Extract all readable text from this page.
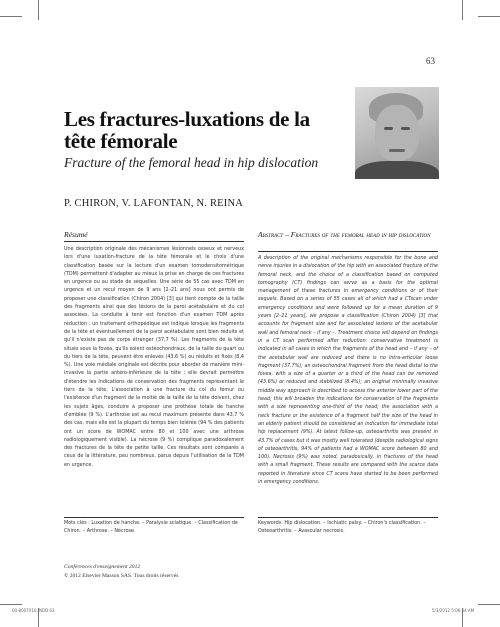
63
Les fractures-luxations de la tête fémorale
Fracture of the femoral head in hip dislocation
P. CHIRON, V. LAFONTAN, N. REINA
Résumé

Une description originale des mécanismes lésionnels osseux et nerveux lors d'une luxation-fracture de la tête fémorale et le choix d'une classification basée sur la lecture d'un examen tomodensitométrique (TDM) permettent d'adapter au mieux la prise en charge de ces fractures en urgence ou au stade de séquelles. Une série de 55 cas avec TDM en urgence et un recul moyen de 9 ans [2–21 ans] nous ont permis de proposer une classification (Chiron 2004) [3] qui tient compte de la taille des fragments ainsi que des lésions de la paroi acétabulaire et du col associées. La conduite à tenir est fonction d'un examen TDM après réduction : un traitement orthopédique est indiqué lorsque les fragments de la tête et éventuellement de la paroi acétabulaire sont bien réduits et qu'il n'existe pas de corps étranger (37,7 %). Les fragments de la tête situés sous la fovéa, qu'ils soient ostéochondraux, de la taille du quart ou du tiers de la tête, peuvent être enlevés (43,6 %) ou réduits et fixés (8,4 %). Une voie médiale originale est décrite pour aborder de manière mini-invasive la partie antéro-inférieure de la tête ; elle devrait permettre d'étendre les indications de conservation des fragments représentant le tiers de la tête. L'association à une fracture du col du fémur ou l'existence d'un fragment de la moitié de la taille de la tête doivent, chez les sujets âgés, conduire à proposer une prothèse totale de hanche d'emblée (9 %). L'arthrose est au recul maximum présente dans 43,7 % des cas, mais elle est la plupart du temps bien tolérée (94 % des patients ont un score de WOMAC entre 80 et 100 avec une arthrose radiologiquement visible). La nécrose (9 %) complique paradoxalement des fractures de la tête de petite taille. Ces résultats sont comparés à ceux de la littérature, peu nombreux, parus depuis l'utilisation de la TDM en urgence.

Mots clés : Luxation de hanche. – Paralysie sciatique. – Classification de Chiron. – Arthrose. – Nécrose.

Abstract – Fractures of the femoral head in hip dislocation

A description of the original mechanisms responsible for the bone and nerve injuries in a dislocation of the hip with an associated fracture of the femoral neck, and the choice of a classification based on computed tomography (CT) findings can serve as a basis for the optimal management of these fractures in emergency conditions or of their sequels. Based on a series of 55 cases all of which had a CTscan under emergency conditions and were followed up for a mean duration of 9 years [2–21 years], we propose a classification (Chiron 2004) [3] that accounts for fragment size and for associated lesions of the acetabular wall and femoral neck – if any –. Treatment choice will depend on findings in a CT scan performed after reduction: conservative treatment is indicated in all cases in which the fragments of the head and – if any – of the acetabular wall are reduced and there is no intra-articular loose fragment (37.7%); an osteochondral fragment from the head distal to the fovea, with a size of a quarter or a third of the head can be removed (43.6%) or reduced and stabilized (8.4%); an original minimally invasive middle way approach is described to access the anterior lower part of the head; this will broaden the indications for conservation of the fragments with a size representing one-third of the head; the association with a neck fracture or the existence of a fragment half the size of the head in an elderly patient should be considered an indication for immediate total hip replacement (9%). At latest follow-up, osteoarthritis was present in 43.7% of cases but it was mostly well tolerated (despite radiological signs of osteoarthritis, 94% of patients had a WOMAC score between 80 and 100). Necrosis (9%) was noted, paradoxically, in fractures of the head with a small fragment. These results are compared with the scarce data reported in literature since CT scans have started to be been performed in emergency conditions.

Keywords: Hip dislocation. – Ischiatic palsy. – Chiron's classification. – Osteoarthritis. – Avascular necrosis.

Conférences d'enseignement 2012
© 2012 Elsevier Masson SAS. Tous droits réservés
00-8007X10.INDD 63	5/3/2012 5:06:54 AM
